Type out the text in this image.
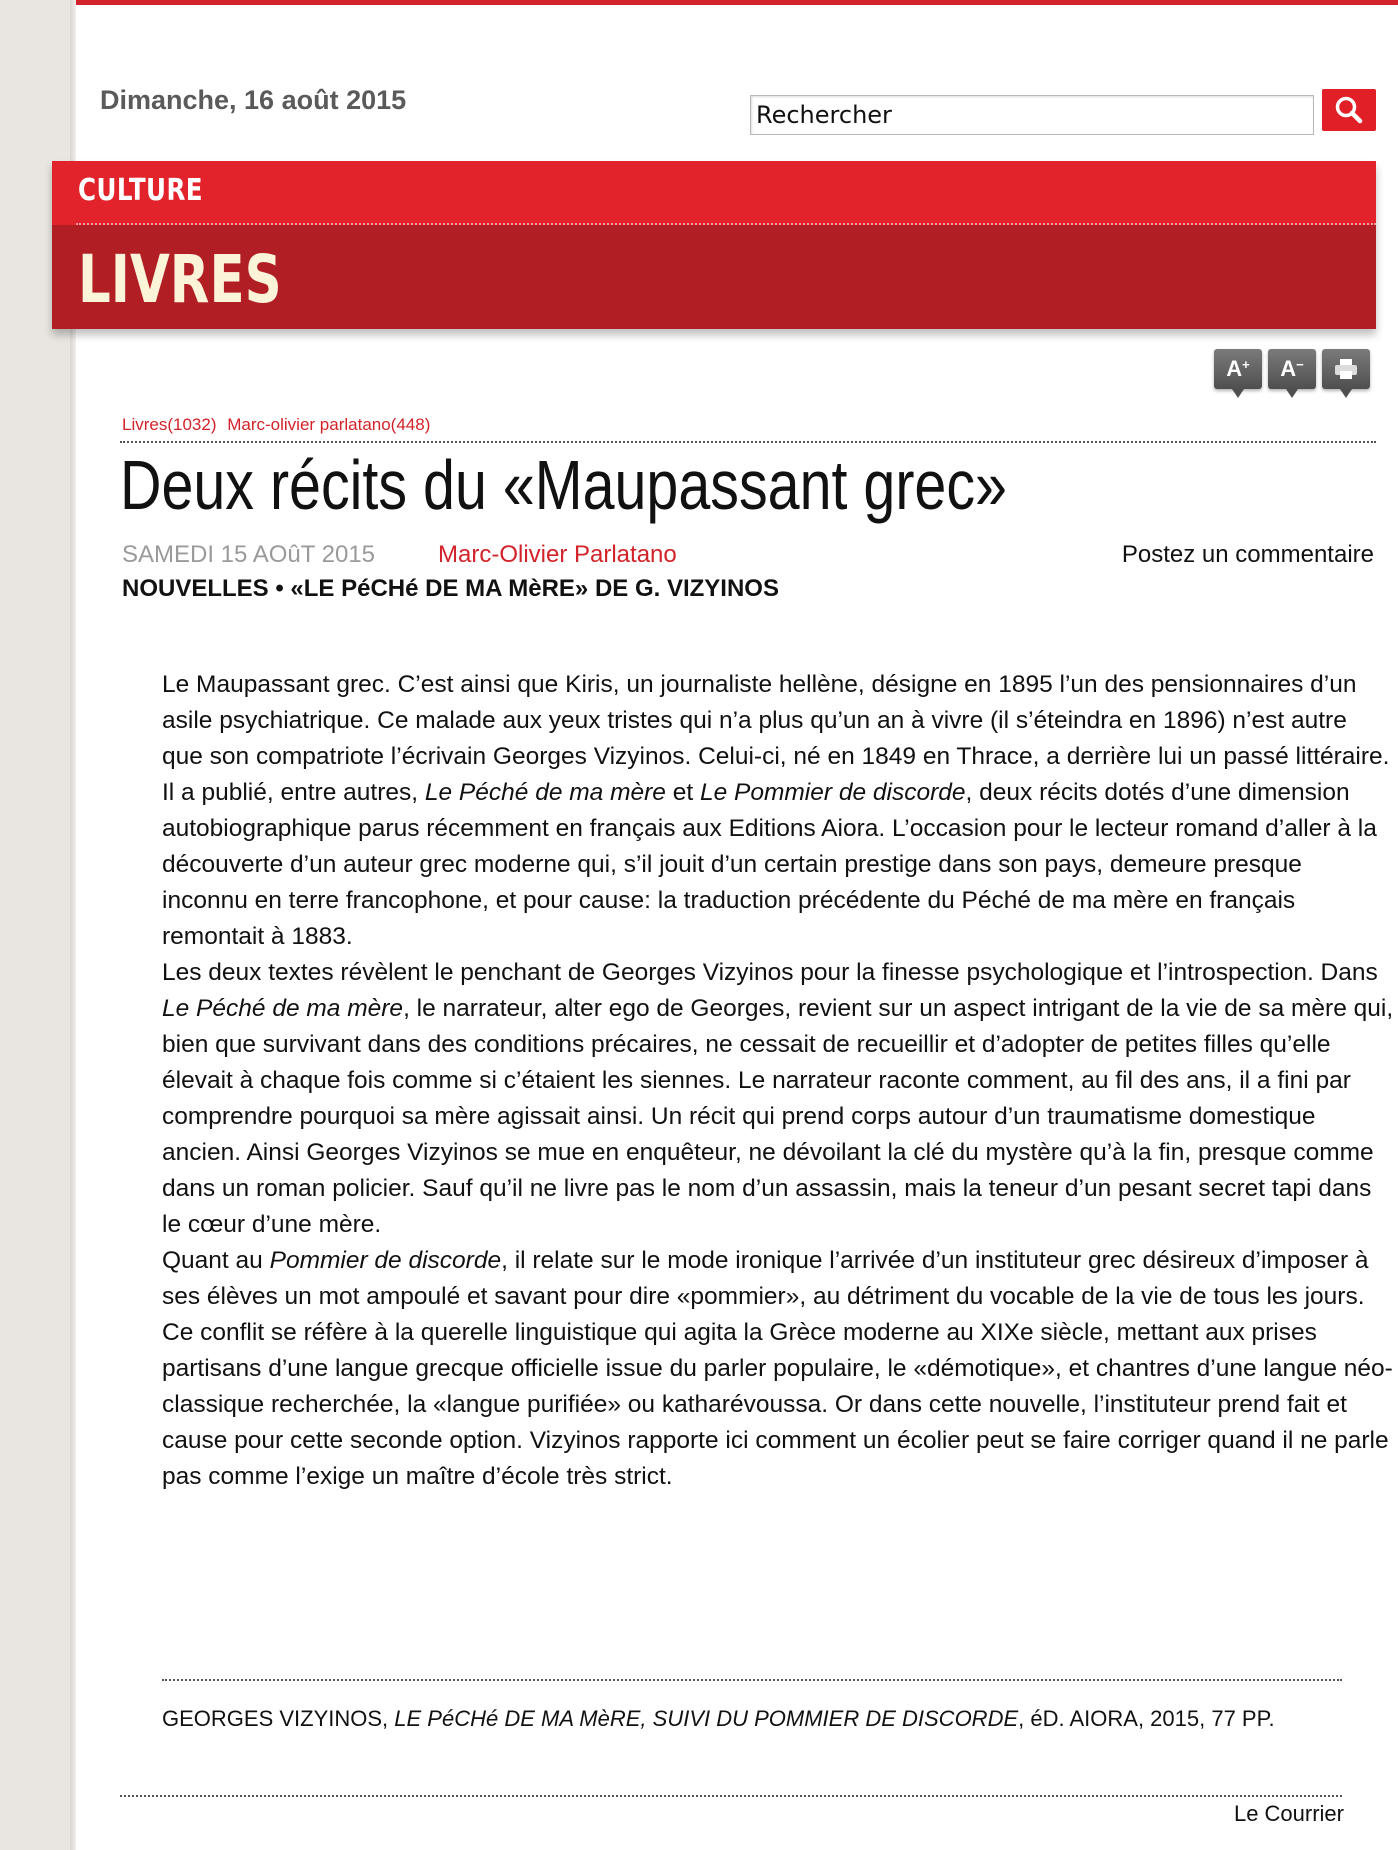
Dimanche, 16 août 2015
Rechercher
CULTURE
LIVRES
A+ A−
Livres(1032) Marc-olivier parlatano(448)
Deux récits du «Maupassant grec»
SAMEDI 15 AOûT 2015	Marc-Olivier Parlatano	Postez un commentaire
NOUVELLES • «LE PéCHé DE MA MèRE» DE G. VIZYINOS

Le Maupassant grec. C’est ainsi que Kiris, un journaliste hellène, désigne en 1895 l’un des pensionnaires d’un asile psychiatrique. Ce malade aux yeux tristes qui n’a plus qu’un an à vivre (il s’éteindra en 1896) n’est autre que son compatriote l’écrivain Georges Vizyinos. Celui-ci, né en 1849 en Thrace, a derrière lui un passé littéraire. Il a publié, entre autres, Le Péché de ma mère et Le Pommier de discorde, deux récits dotés d’une dimension autobiographique parus récemment en français aux Editions Aiora. L’occasion pour le lecteur romand d’aller à la découverte d’un auteur grec moderne qui, s’il jouit d’un certain prestige dans son pays, demeure presque inconnu en terre francophone, et pour cause: la traduction précédente du Péché de ma mère en français remontait à 1883.

Les deux textes révèlent le penchant de Georges Vizyinos pour la finesse psychologique et l’introspection. Dans Le Péché de ma mère, le narrateur, alter ego de Georges, revient sur un aspect intrigant de la vie de sa mère qui, bien que survivant dans des conditions précaires, ne cessait de recueillir et d’adopter de petites filles qu’elle élevait à chaque fois comme si c’étaient les siennes. Le narrateur raconte comment, au fil des ans, il a fini par comprendre pourquoi sa mère agissait ainsi. Un récit qui prend corps autour d’un traumatisme domestique ancien. Ainsi Georges Vizyinos se mue en enquêteur, ne dévoilant la clé du mystère qu’à la fin, presque comme dans un roman policier. Sauf qu’il ne livre pas le nom d’un assassin, mais la teneur d’un pesant secret tapi dans le cœur d’une mère.

Quant au Pommier de discorde, il relate sur le mode ironique l’arrivée d’un instituteur grec désireux d’imposer à ses élèves un mot ampoulé et savant pour dire «pommier», au détriment du vocable de la vie de tous les jours. Ce conflit se réfère à la querelle linguistique qui agita la Grèce moderne au XIXe siècle, mettant aux prises partisans d’une langue grecque officielle issue du parler populaire, le «démotique», et chantres d’une langue néo-classique recherchée, la «langue purifiée» ou katharévoussa. Or dans cette nouvelle, l’instituteur prend fait et cause pour cette seconde option. Vizyinos rapporte ici comment un écolier peut se faire corriger quand il ne parle pas comme l’exige un maître d’école très strict.

GEORGES VIZYINOS, LE PéCHé DE MA MèRE, SUIVI DU POMMIER DE DISCORDE, éD. AIORA, 2015, 77 PP.
Le Courrier
